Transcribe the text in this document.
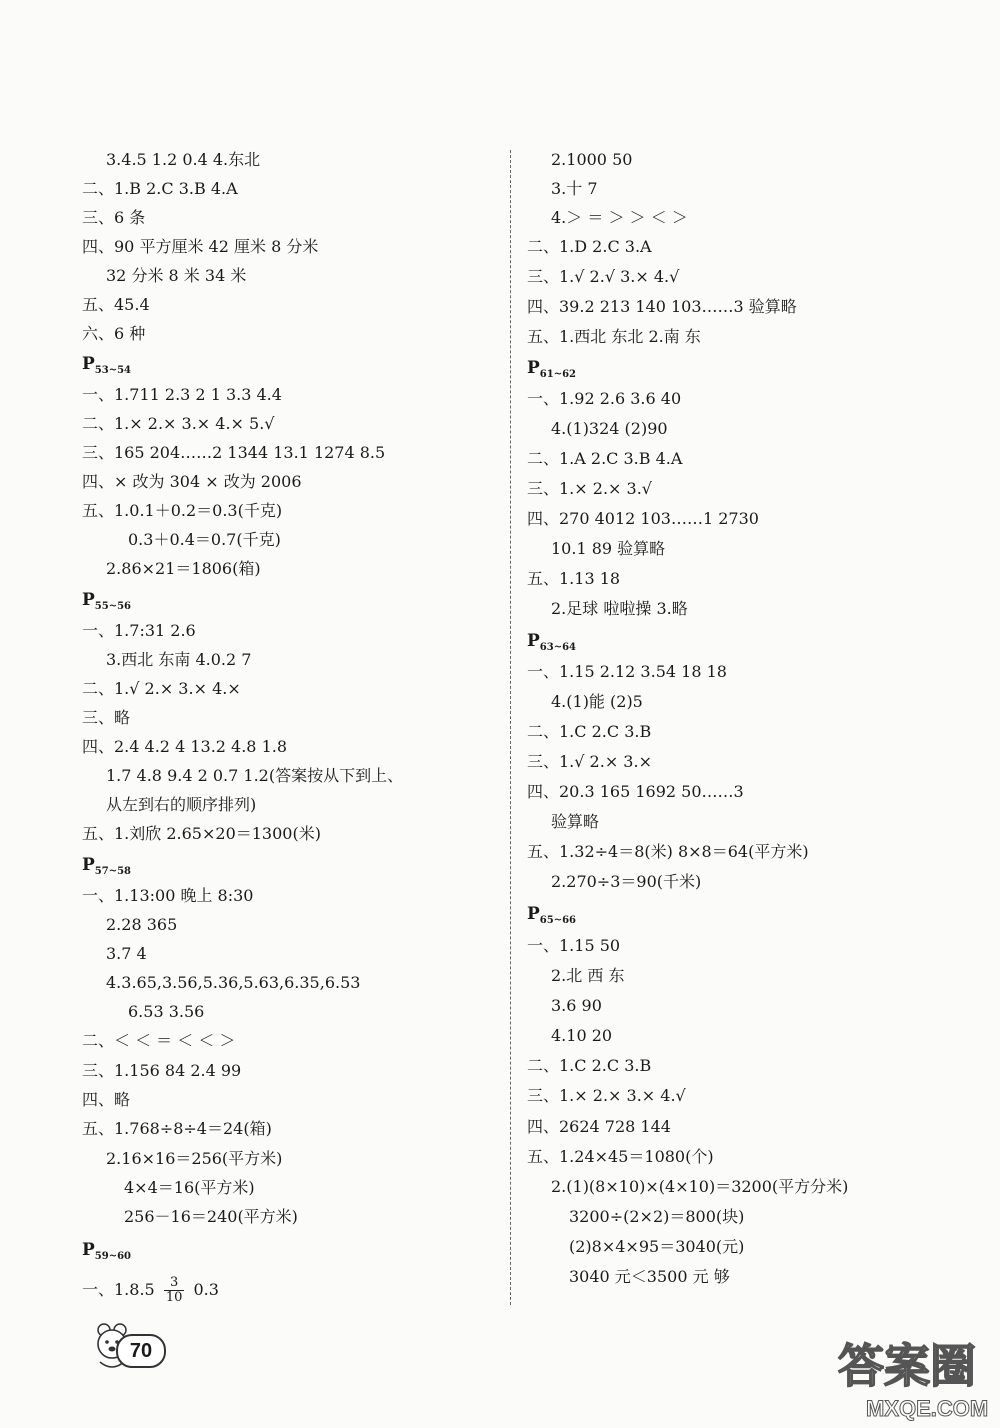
3.4.5 1.2 0.4 4.东北
二、1.B 2.C 3.B 4.A
三、6 条
四、90 平方厘米 42 厘米 8 分米
32 分米 8 米 34 米
五、45.4
六、6 种
$P_{53\sim 54}$
一、1.711 2.3 2 1 3.3 4.4
二、1.× 2.× 3.× 4.× 5.√
三、165 204……2 1344 13.1 1274 8.5
四、× 改为 304 × 改为 2006
五、1.0.1＋0.2＝0.3(千克)
0.3＋0.4＝0.7(千克)
2.86×21＝1806(箱)
$P_{55\sim 56}$
一、1.7:31 2.6
3.西北 东南 4.0.2 7
二、1.√ 2.× 3.× 4.×
三、略
四、2.4 4.2 4 13.2 4.8 1.8
1.7 4.8 9.4 2 0.7 1.2(答案按从下到上、
从左到右的顺序排列)
五、1.刘欣 2.65×20＝1300(米)
$P_{57\sim 58}$
一、1.13:00 晚上 8:30
2.28 365
3.7 4
4.3.65,3.56,5.36,5.63,6.35,6.53
6.53 3.56
二、＜ ＜ ＝ ＜ ＜ ＞
三、1.156 84 2.4 99
四、略
五、1.768÷8÷4＝24(箱)
2.16×16＝256(平方米)
4×4＝16(平方米)
256－16＝240(平方米)
$P_{59\sim 60}$
2.1000 50
3.十 7
4.＞ ＝ ＞ ＞ ＜ ＞
二、1.D 2.C 3.A
三、1.√ 2.√ 3.× 4.√
四、39.2 213 140 103……3 验算略
五、1.西北 东北 2.南 东
$P_{61\sim 62}$
一、1.92 2.6 3.6 40
4.(1)324 (2)90
二、1.A 2.C 3.B 4.A
三、1.× 2.× 3.√
四、270 4012 103……1 2730
10.1 89 验算略
五、1.13 18
2.足球 啦啦操 3.略
$P_{63\sim 64}$
一、1.15 2.12 3.54 18 18
4.(1)能 (2)5
二、1.C 2.C 3.B
三、1.√ 2.× 3.×
四、20.3 165 1692 50……3
验算略
五、1.32÷4＝8(米) 8×8＝64(平方米)
2.270÷3＝90(千米)
$P_{65\sim 66}$
一、1.15 50
2.北 西 东
3.6 90
4.10 20
二、1.C 2.C 3.B
三、1.× 2.× 3.× 4.√
四、2624 728 144
五、1.24×45＝1080(个)
2.(1)(8×10)×(4×10)＝3200(平方分米)
3200÷(2×2)＝800(块)
(2)8×4×95＝3040(元)
3040 元＜3500 元 够
一、$1.8.5 \frac{3}{10} 0.3$
70	答案圈
MXQE.COM
